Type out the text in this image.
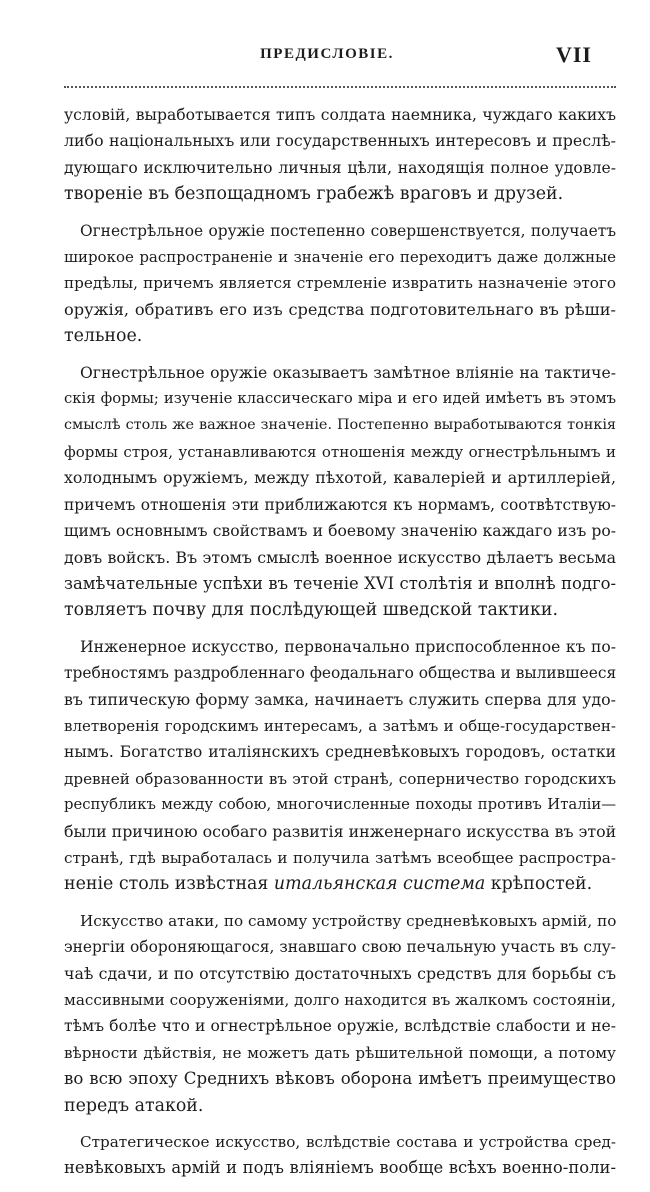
ПРЕДИСЛОВІЕ.	VII

условій, выработывается типъ солдата наемника, чуждаго какихъ
либо національныхъ или государственныхъ интересовъ и преслѣ-
дующаго исключительно личныя цѣли, находящія полное удовле-
твореніе въ безпощадномъ грабежѣ враговъ и друзей.

Огнестрѣльное оружіе постепенно совершенствуется, получаетъ
широкое распространеніе и значеніе его переходитъ даже должные
предѣлы, причемъ является стремленіе извратить назначеніе этого
оружія, обративъ его изъ средства подготовительнаго въ рѣши-
тельное.

Огнестрѣльное оружіе оказываетъ замѣтное вліяніе на тактиче-
скія формы; изученіе классическаго міра и его идей имѣетъ въ этомъ
смыслѣ столь же важное значеніе. Постепенно выработываются тонкія
формы строя, устанавливаются отношенія между огнестрѣльнымъ и
холоднымъ оружіемъ, между пѣхотой, кавалеріей и артиллеріей,
причемъ отношенія эти приближаются къ нормамъ, соотвѣтствую-
щимъ основнымъ свойствамъ и боевому значенію каждаго изъ ро-
довъ войскъ. Въ этомъ смыслѣ военное искусство дѣлаетъ весьма
замѣчательные успѣхи въ теченіе XVI столѣтія и вполнѣ подго-
товляетъ почву для послѣдующей шведской тактики.

Инженерное искусство, первоначально приспособленное къ по-
требностямъ раздробленнаго феодальнаго общества и вылившееся
въ типическую форму замка, начинаетъ служить сперва для удо-
влетворенія городскимъ интересамъ, а затѣмъ и обще-государствен-
нымъ. Богатство италіянскихъ средневѣковыхъ городовъ, остатки
древней образованности въ этой странѣ, соперничество городскихъ
республикъ между собою, многочисленные походы противъ Италіи—
были причиною особаго развитія инженернаго искусства въ этой
странѣ, гдѣ выработалась и получила затѣмъ всеобщее распростра-
неніе столь извѣстная итальянская система крѣпостей.

Искусство атаки, по самому устройству средневѣковыхъ армій, по
энергіи обороняющагося, знавшаго свою печальную участь въ слу-
чаѣ сдачи, и по отсутствію достаточныхъ средствъ для борьбы съ
массивными сооруженіями, долго находится въ жалкомъ состояніи,
тѣмъ болѣе что и огнестрѣльное оружіе, вслѣдствіе слабости и не-
вѣрности дѣйствія, не можетъ дать рѣшительной помощи, а потому
во всю эпоху Среднихъ вѣковъ оборона имѣетъ преимущество
передъ атакой.

Стратегическое искусство, вслѣдствіе состава и устройства сред-
невѣковыхъ армій и подъ вліяніемъ вообще всѣхъ военно-поли-
